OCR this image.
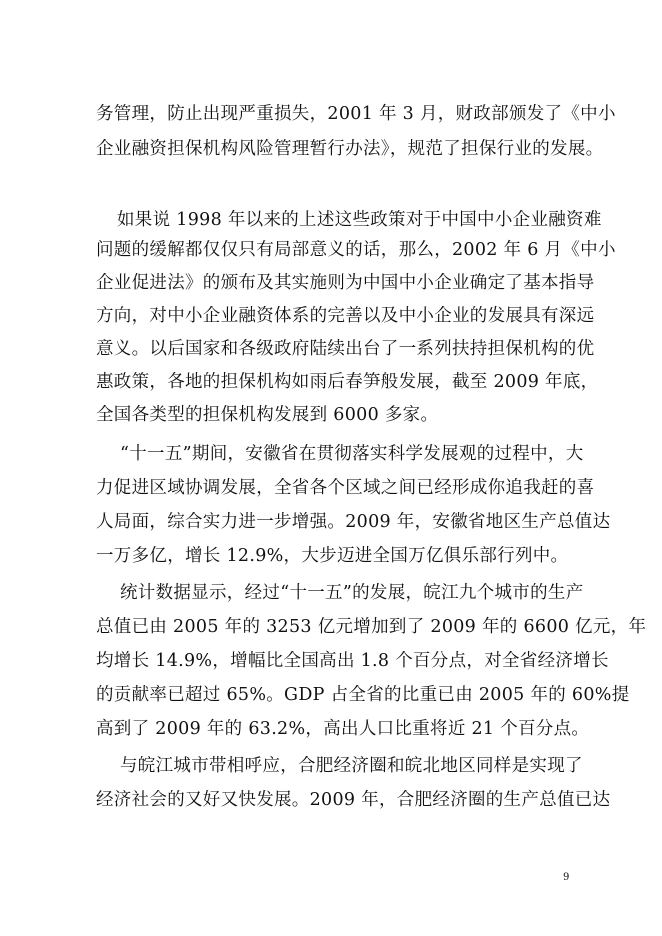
务管理，防止出现严重损失，2001 年 3 月，财政部颁发了《中小
企业融资担保机构风险管理暂行办法》，规范了担保行业的发展。
如果说 1998 年以来的上述这些政策对于中国中小企业融资难
问题的缓解都仅仅只有局部意义的话，那么，2002 年 6 月《中小
企业促进法》的颁布及其实施则为中国中小企业确定了基本指导
方向，对中小企业融资体系的完善以及中小企业的发展具有深远
意义。以后国家和各级政府陆续出台了一系列扶持担保机构的优
惠政策，各地的担保机构如雨后春笋般发展，截至 2009 年底，
全国各类型的担保机构发展到 6000 多家。
“十一五”期间，安徽省在贯彻落实科学发展观的过程中，大
力促进区域协调发展，全省各个区域之间已经形成你追我赶的喜
人局面，综合实力进一步增强。2009 年，安徽省地区生产总值达
一万多亿，增长 12.9%，大步迈进全国万亿俱乐部行列中。
统计数据显示，经过“十一五”的发展，皖江九个城市的生产
总值已由 2005 年的 3253 亿元增加到了 2009 年的 6600 亿元，年
均增长 14.9%，增幅比全国高出 1.8 个百分点，对全省经济增长
的贡献率已超过 65%。GDP 占全省的比重已由 2005 年的 60%提
高到了 2009 年的 63.2%，高出人口比重将近 21 个百分点。
与皖江城市带相呼应，合肥经济圈和皖北地区同样是实现了
经济社会的又好又快发展。2009 年，合肥经济圈的生产总值已达
9
